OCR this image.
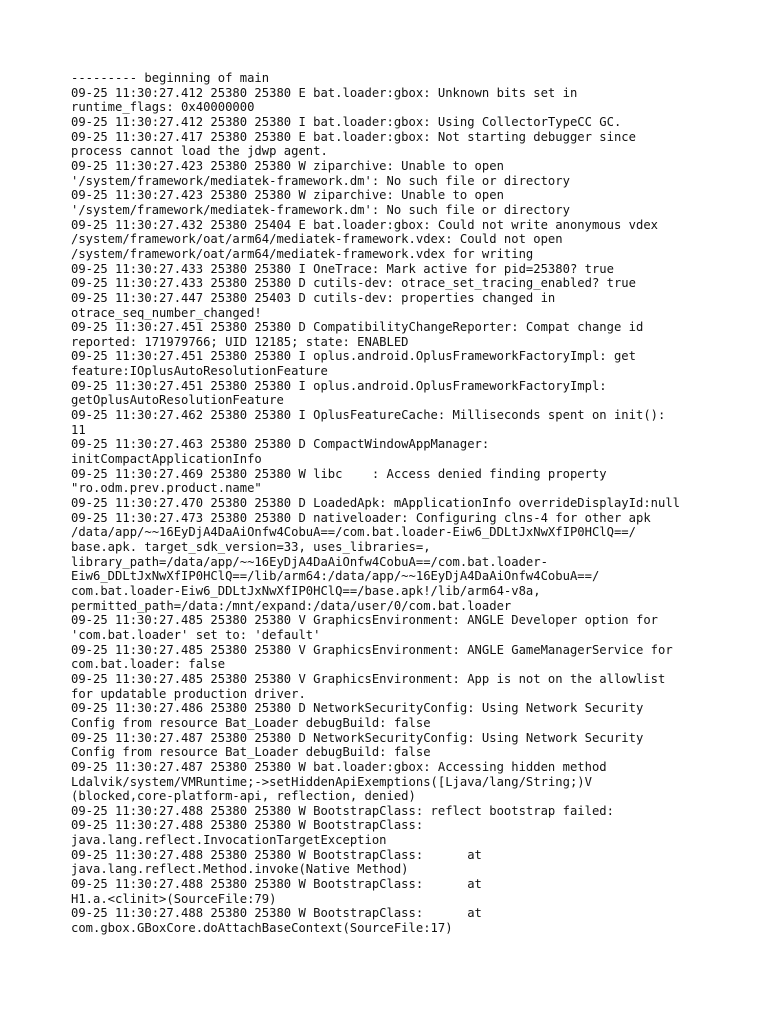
--------- beginning of main
09-25 11:30:27.412 25380 25380 E bat.loader:gbox: Unknown bits set in
runtime_flags: 0x40000000
09-25 11:30:27.412 25380 25380 I bat.loader:gbox: Using CollectorTypeCC GC.
09-25 11:30:27.417 25380 25380 E bat.loader:gbox: Not starting debugger since
process cannot load the jdwp agent.
09-25 11:30:27.423 25380 25380 W ziparchive: Unable to open
'/system/framework/mediatek-framework.dm': No such file or directory
09-25 11:30:27.423 25380 25380 W ziparchive: Unable to open
'/system/framework/mediatek-framework.dm': No such file or directory
09-25 11:30:27.432 25380 25404 E bat.loader:gbox: Could not write anonymous vdex
/system/framework/oat/arm64/mediatek-framework.vdex: Could not open
/system/framework/oat/arm64/mediatek-framework.vdex for writing
09-25 11:30:27.433 25380 25380 I OneTrace: Mark active for pid=25380? true
09-25 11:30:27.433 25380 25380 D cutils-dev: otrace_set_tracing_enabled? true
09-25 11:30:27.447 25380 25403 D cutils-dev: properties changed in
otrace_seq_number_changed!
09-25 11:30:27.451 25380 25380 D CompatibilityChangeReporter: Compat change id
reported: 171979766; UID 12185; state: ENABLED
09-25 11:30:27.451 25380 25380 I oplus.android.OplusFrameworkFactoryImpl: get
feature:IOplusAutoResolutionFeature
09-25 11:30:27.451 25380 25380 I oplus.android.OplusFrameworkFactoryImpl:
getOplusAutoResolutionFeature
09-25 11:30:27.462 25380 25380 I OplusFeatureCache: Milliseconds spent on init():
11
09-25 11:30:27.463 25380 25380 D CompactWindowAppManager:
initCompactApplicationInfo
09-25 11:30:27.469 25380 25380 W libc    : Access denied finding property
"ro.odm.prev.product.name"
09-25 11:30:27.470 25380 25380 D LoadedApk: mApplicationInfo overrideDisplayId:null
09-25 11:30:27.473 25380 25380 D nativeloader: Configuring clns-4 for other apk
/data/app/~~16EyDjA4DaAiOnfw4CobuA==/com.bat.loader-Eiw6_DDLtJxNwXfIP0HClQ==/
base.apk. target_sdk_version=33, uses_libraries=,
library_path=/data/app/~~16EyDjA4DaAiOnfw4CobuA==/com.bat.loader-
Eiw6_DDLtJxNwXfIP0HClQ==/lib/arm64:/data/app/~~16EyDjA4DaAiOnfw4CobuA==/
com.bat.loader-Eiw6_DDLtJxNwXfIP0HClQ==/base.apk!/lib/arm64-v8a,
permitted_path=/data:/mnt/expand:/data/user/0/com.bat.loader
09-25 11:30:27.485 25380 25380 V GraphicsEnvironment: ANGLE Developer option for
'com.bat.loader' set to: 'default'
09-25 11:30:27.485 25380 25380 V GraphicsEnvironment: ANGLE GameManagerService for
com.bat.loader: false
09-25 11:30:27.485 25380 25380 V GraphicsEnvironment: App is not on the allowlist
for updatable production driver.
09-25 11:30:27.486 25380 25380 D NetworkSecurityConfig: Using Network Security
Config from resource Bat_Loader debugBuild: false
09-25 11:30:27.487 25380 25380 D NetworkSecurityConfig: Using Network Security
Config from resource Bat_Loader debugBuild: false
09-25 11:30:27.487 25380 25380 W bat.loader:gbox: Accessing hidden method
Ldalvik/system/VMRuntime;->setHiddenApiExemptions([Ljava/lang/String;)V
(blocked,core-platform-api, reflection, denied)
09-25 11:30:27.488 25380 25380 W BootstrapClass: reflect bootstrap failed:
09-25 11:30:27.488 25380 25380 W BootstrapClass:
java.lang.reflect.InvocationTargetException
09-25 11:30:27.488 25380 25380 W BootstrapClass:      at
java.lang.reflect.Method.invoke(Native Method)
09-25 11:30:27.488 25380 25380 W BootstrapClass:      at
H1.a.<clinit>(SourceFile:79)
09-25 11:30:27.488 25380 25380 W BootstrapClass:      at
com.gbox.GBoxCore.doAttachBaseContext(SourceFile:17)
